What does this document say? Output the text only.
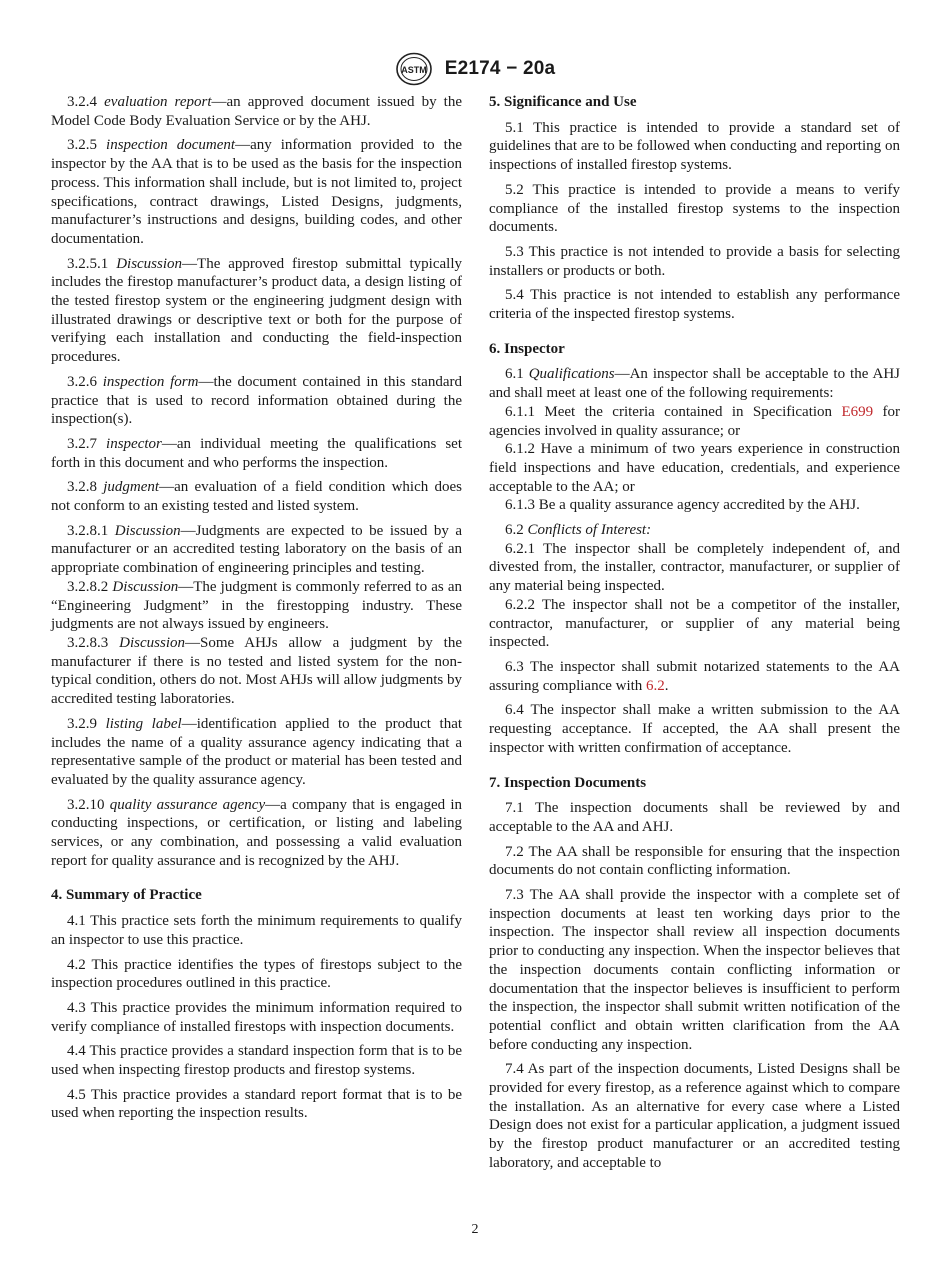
ASTM E2174 − 20a

3.2.4 evaluation report—an approved document issued by the Model Code Body Evaluation Service or by the AHJ.

3.2.5 inspection document—any information provided to the inspector by the AA that is to be used as the basis for the inspection process. This information shall include, but is not limited to, project specifications, contract drawings, Listed Designs, judgments, manufacturer’s instructions and designs, building codes, and other documentation.

3.2.5.1 Discussion—The approved firestop submittal typically includes the firestop manufacturer’s product data, a design listing of the tested firestop system or the engineering judgment design with illustrated drawings or descriptive text or both for the purpose of verifying each installation and conducting the field-inspection procedures.

3.2.6 inspection form—the document contained in this standard practice that is used to record information obtained during the inspection(s).

3.2.7 inspector—an individual meeting the qualifications set forth in this document and who performs the inspection.

3.2.8 judgment—an evaluation of a field condition which does not conform to an existing tested and listed system.

3.2.8.1 Discussion—Judgments are expected to be issued by a manufacturer or an accredited testing laboratory on the basis of an appropriate combination of engineering principles and testing.

3.2.8.2 Discussion—The judgment is commonly referred to as an “Engineering Judgment” in the firestopping industry. These judgments are not always issued by engineers.

3.2.8.3 Discussion—Some AHJs allow a judgment by the manufacturer if there is no tested and listed system for the non-typical condition, others do not. Most AHJs will allow judgments by accredited testing laboratories.

3.2.9 listing label—identification applied to the product that includes the name of a quality assurance agency indicating that a representative sample of the product or material has been tested and evaluated by the quality assurance agency.

3.2.10 quality assurance agency—a company that is engaged in conducting inspections, or certification, or listing and labeling services, or any combination, and possessing a valid evaluation report for quality assurance and is recognized by the AHJ.

4. Summary of Practice

4.1 This practice sets forth the minimum requirements to qualify an inspector to use this practice.

4.2 This practice identifies the types of firestops subject to the inspection procedures outlined in this practice.

4.3 This practice provides the minimum information required to verify compliance of installed firestops with inspection documents.

4.4 This practice provides a standard inspection form that is to be used when inspecting firestop products and firestop systems.

4.5 This practice provides a standard report format that is to be used when reporting the inspection results.

5. Significance and Use

5.1 This practice is intended to provide a standard set of guidelines that are to be followed when conducting and reporting on inspections of installed firestop systems.

5.2 This practice is intended to provide a means to verify compliance of the installed firestop systems to the inspection documents.

5.3 This practice is not intended to provide a basis for selecting installers or products or both.

5.4 This practice is not intended to establish any performance criteria of the inspected firestop systems.

6. Inspector

6.1 Qualifications—An inspector shall be acceptable to the AHJ and shall meet at least one of the following requirements:

6.1.1 Meet the criteria contained in Specification E699 for agencies involved in quality assurance; or

6.1.2 Have a minimum of two years experience in construction field inspections and have education, credentials, and experience acceptable to the AA; or

6.1.3 Be a quality assurance agency accredited by the AHJ.

6.2 Conflicts of Interest:

6.2.1 The inspector shall be completely independent of, and divested from, the installer, contractor, manufacturer, or supplier of any material being inspected.

6.2.2 The inspector shall not be a competitor of the installer, contractor, manufacturer, or supplier of any material being inspected.

6.3 The inspector shall submit notarized statements to the AA assuring compliance with 6.2.

6.4 The inspector shall make a written submission to the AA requesting acceptance. If accepted, the AA shall present the inspector with written confirmation of acceptance.

7. Inspection Documents

7.1 The inspection documents shall be reviewed by and acceptable to the AA and AHJ.

7.2 The AA shall be responsible for ensuring that the inspection documents do not contain conflicting information.

7.3 The AA shall provide the inspector with a complete set of inspection documents at least ten working days prior to the inspection. The inspector shall review all inspection documents prior to conducting any inspection. When the inspector believes that the inspection documents contain conflicting information or documentation that the inspector believes is insufficient to perform the inspection, the inspector shall submit written notification of the potential conflict and obtain written clarification from the AA before conducting any inspection.

7.4 As part of the inspection documents, Listed Designs shall be provided for every firestop, as a reference against which to compare the installation. As an alternative for every case where a Listed Design does not exist for a particular application, a judgment issued by the firestop product manufacturer or an accredited testing laboratory, and acceptable to

2
